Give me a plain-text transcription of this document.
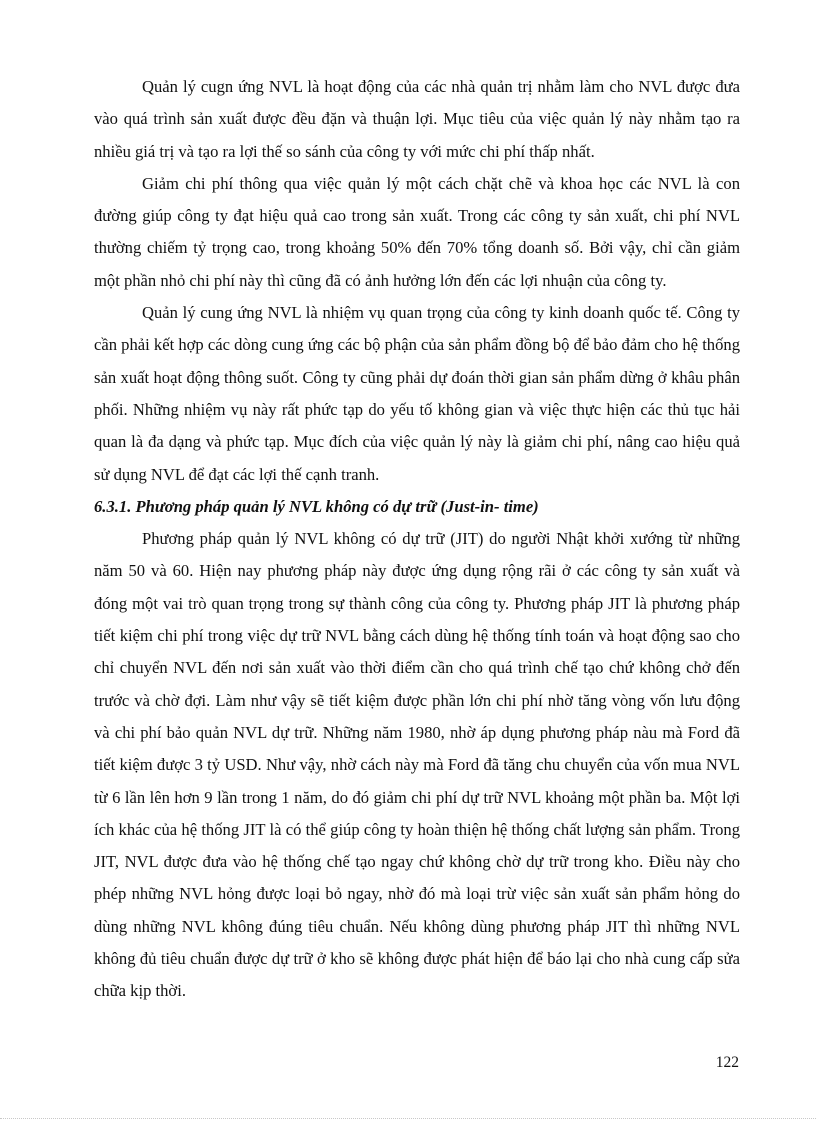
Quản lý cugn ứng NVL là hoạt động của các nhà quản trị nhằm làm cho NVL được đưa vào quá trình sản xuất được đều đặn và thuận lợi. Mục tiêu của việc quản lý này nhằm tạo ra nhiều giá trị và tạo ra lợi thế so sánh của công ty với mức chi phí thấp nhất.

Giảm chi phí thông qua việc quản lý một cách chặt chẽ và khoa học các NVL là con đường giúp công ty đạt hiệu quả cao trong sản xuất. Trong các công ty sản xuất, chi phí NVL thường chiếm tỷ trọng cao, trong khoảng 50% đến 70% tổng doanh số. Bởi vậy, chỉ cần giảm một phần nhỏ chi phí này thì cũng đã có ảnh hưởng lớn đến các lợi nhuận của công ty.

Quản lý cung ứng NVL là nhiệm vụ quan trọng của công ty kinh doanh quốc tế. Công ty cần phải kết hợp các dòng cung ứng các bộ phận của sản phẩm đồng bộ để bảo đảm cho hệ thống sản xuất hoạt động thông suốt. Công ty cũng phải dự đoán thời gian sản phẩm dừng ở khâu phân phối. Những nhiệm vụ này rất phức tạp do yếu tố không gian và việc thực hiện các thủ tục hải quan là đa dạng và phức tạp. Mục đích của việc quản lý này là giảm chi phí, nâng cao hiệu quả sử dụng NVL để đạt các lợi thế cạnh tranh.

6.3.1. Phương pháp quản lý NVL không có dự trữ (Just-in- time)

Phương pháp quản lý NVL không có dự trữ (JIT) do người Nhật khởi xướng từ những năm 50 và 60. Hiện nay phương pháp này được ứng dụng rộng rãi ở các công ty sản xuất và đóng một vai trò quan trọng trong sự thành công của công ty. Phương pháp JIT là phương pháp tiết kiệm chi phí trong việc dự trữ NVL bằng cách dùng hệ thống tính toán và hoạt động sao cho chỉ chuyển NVL đến nơi sản xuất vào thời điểm cần cho quá trình chế tạo chứ không chở đến trước và chờ đợi. Làm như vậy sẽ tiết kiệm được phần lớn chi phí nhờ tăng vòng vốn lưu động và chi phí bảo quản NVL dự trữ. Những năm 1980, nhờ áp dụng phương pháp nàu mà Ford đã tiết kiệm được 3 tỷ USD. Như vậy, nhờ cách này mà Ford đã tăng chu chuyển của vốn mua NVL từ 6 lần lên hơn 9 lần trong 1 năm, do đó giảm chi phí dự trữ NVL khoảng một phần ba. Một lợi ích khác của hệ thống JIT là có thể giúp công ty hoàn thiện hệ thống chất lượng sản phẩm. Trong JIT, NVL được đưa vào hệ thống chế tạo ngay chứ không chờ dự trữ trong kho. Điều này cho phép những NVL hỏng được loại bỏ ngay, nhờ đó mà loại trừ việc sản xuất sản phẩm hỏng do dùng những NVL không đúng tiêu chuẩn. Nếu không dùng phương pháp JIT thì những NVL không đủ tiêu chuẩn được dự trữ ở kho sẽ không được phát hiện để báo lại cho nhà cung cấp sửa chữa kịp thời.

122
